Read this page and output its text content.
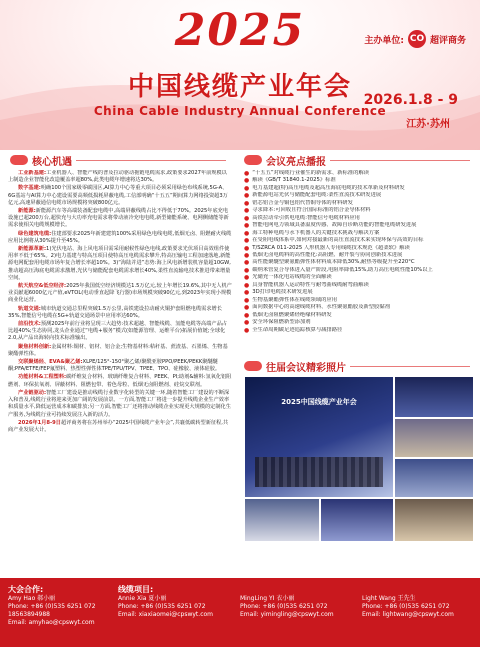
2025	主办单位: CO 超评商务
中国线缆产业年会
China Cable Industry Annual Conference
2026.1.8 - 9
江苏·苏州
核心机遇	会议亮点播报

工业新基建:工业机器人、智能产线的普及拉动驱动拖链电缆需求,政策要求2027年前规模以上制造企业智能化改造覆盖率超80%,此类电缆年增速将达30%。

数字基建:明确100个国家级零碳园区,AI算力中心等重大项目必须采用绿色布线系统,5G-A、6G基站与AI算力中心建设需要高频低损耗屏蔽电缆,工信部明确“十五五”期间算力网络投资超3万亿元,高速屏蔽通信电缆市场规模将突破800亿元。

新能源:新能源汽车等高端装备配套电缆中,高端屏蔽线缆占比不得低于70%。2025年底充电设施已超200万台,超快充与大功率充电需求将带动液冷充电电缆,新型储能系统、电网侧储能等新需求使相关电缆规模增长。

绿色建筑电缆:住建部要求2025年新建建筑100%采用绿色电线电缆,低烟无卤、阻燃耐火线缆应用比例将从30%提升至45%。

新能源革新:1)光伏电站、海上风电项目需采用耐候性绿色电线,政策要求光伏项目高效组件使用率不低于65%。2)电力基建与特高压项目使特高压电缆需求攀升,特高压输电工程加速落地,新能源电网配套用电缆市场年复合增长率超10%。3)“海陆并进”态势:海上风电新增装机容量超10GW,推动超高压海底电缆需求激增,光伏与储能配套电缆需求增长40%,柔性直流输电技术推进带来增量空间。

航天航空&低空经济:2025年我国低空经济规模达1.5万亿元,较上年增长19.6%,其中无人机产业贡献超6000亿元产值,eVTOL(电动垂直起降飞行器)市场规模突破90亿元,到2023年实现小规模商业化运营。

轨道交通:城市轨道交通总里程突破1.5万公里,高铁建设拉动耐火铜护套阻燃电缆需求增长35%,智能信号电缆在5G+轨道交通场景中应用率达60%。

前沿技术:预测2025年前行业将呈现三大趋势:技术超越、智能线缆、氢能电缆等高端产品占比超40%;生态协同,龙头企业通过“电缆+服务”模式(如能源管理、运维平台)拓展价值链;全球化2.0,从产品出海转向技术标准输出。

聚焦材料创新:金属材料:铜材、铝材、铝合金;生物基材料:秸秆基、蔗渣基、石墨烯、生物基聚酯弹性体。

交联聚烯烃、EVA&聚乙烯:XLPE/125°-150°聚乙烯/聚酰亚胺PPO/PEEK/PEKK聚醚醚酮;PFA/ETFE/FEP氟塑料、热塑性弹性体TPE/TPU/TPV、TPEE、TPO、硅橡胶、液体硅胶。

功能材料&工程塑料:碳纤维复合材料、玻璃纤维复合材料、PEEK、PI;助剂&辅料:氢氧化铝阻燃剂、环保抗氧剂、屏蔽材料、阻燃包带、着色母粒、低烟无卤阻燃剂、硅烷交联剂。

产业链驱动:智能工厂建设是推动线缆行业数字化转型的关键一环,随着智能工厂建设的不断深入和普及,线缆行业将迎来更加广阔的发展前景。一方面,智能工厂将进一步提升线缆企业生产效率和质量水平,降低运营成本和碳排放;另一方面,智能工厂还将推动线缆企业实现更大规模的定制化生产服务,为线缆行业可持续发展注入新的活力。

2026年1月8-9日超评商务将在苏州举办“2025中国线缆产业年会”,共襄低碳转型新征程,共商产业发展大计。

● “十五五”对线缆行业催生的新需求、新标准的解读
● 解读《GB/T 31840.1-2025》标准
● 电力基建超(特)高压电缆及超高压海底电缆的技术革新及材料研发
● 新能源电站光伏与储能配套电缆:柔性直流技术研发进展
● 铝芯铝合金与铜包铝代替铜导体的材料研发
● 寻求降本:可回收且符合国际标准的铝合金导体材料
● 高铁拉动牵引供电电缆:智能信号电缆材料应用
● 智能电网电力领域具备温度传感、故障自诊断功能的智能电缆研发进展
● 海工特种电缆与水下机器人的关键技术挑战与解决方案
● 在受阻电线体系中,如何对接最新的高压直流技术来实现环保与高效的目标
● T/SZRCA 011-2025 人形机器人专用线缆技术规范《超柔软》解读
● 低烟无卤电缆料的高性能化:高阻燃、耐开裂与协同创新技术进展
● 高性能聚醚型聚氨酯弹性体材料成本降低30%,耐热等级提升至220°C
● 碳纳米管复合导体进入量产阶段,电阻率降低15%,助力高压电缆性能10%以上
● 光储充一体化电站线缆的全面解读
● 具身智能机器人运动特性与耐弯曲线缆耐弯曲解读
● 3D打印电缆技术研发进展
● 生物基聚酯弹性体在线缆领域的应用
● 面向数据中心的高速线缆材料、水性聚氨酯胶及新型胶黏剂
● 低烟无卤阻燃聚烯烃绝缘材料研发
● 安全环保阻燃新型添加剂
● 全生命周期碳足迹追踪核算与减排路径
往届会议精彩照片
2025中国线缆产业年会
大会合作:
Amy Hao 郝小丽
Phone: +86 (0)535 6251 072
18563894988
Email: amyhao@cpswyt.com
线缆项目:
Annie Xia 夏小丽
Phone: +86 (0)535 6251 072
Email: xiaxiaomei@cpswyt.com
MingLing YI 衣小丽
Phone: +86 (0)535 6251 072
Email: yimingling@cpswyt.com
Light Wang 王先生
Phone: +86 (0)535 6251 072
Email: lightwang@cpswyt.com
